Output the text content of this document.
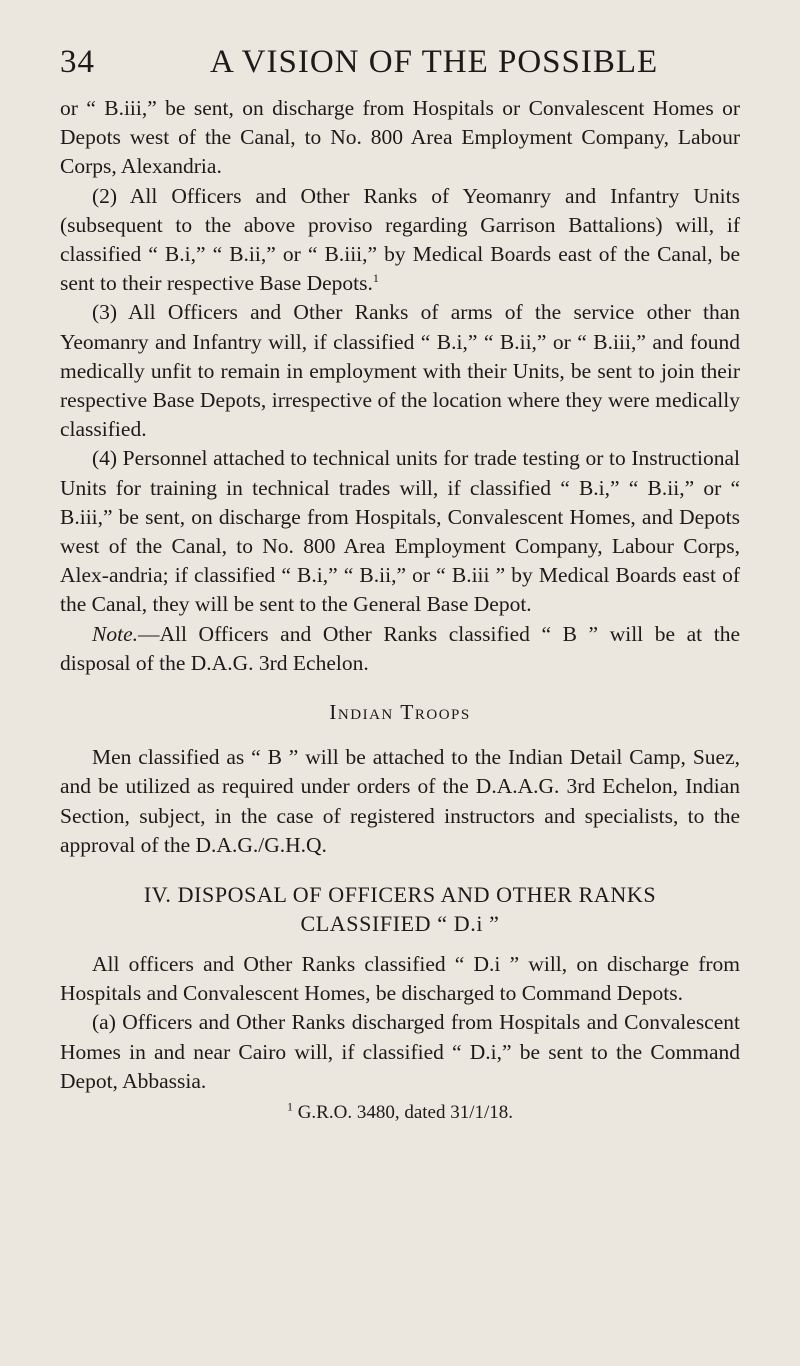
34	A VISION OF THE POSSIBLE

or “ B.iii,” be sent, on discharge from Hospitals or Convalescent Homes or Depots west of the Canal, to No. 800 Area Employment Company, Labour Corps, Alexandria.

(2) All Officers and Other Ranks of Yeomanry and Infantry Units (subsequent to the above proviso regarding Garrison Battalions) will, if classified “ B.i,” “ B.ii,” or “ B.iii,” by Medical Boards east of the Canal, be sent to their respective Base Depots.$^1$

(3) All Officers and Other Ranks of arms of the service other than Yeomanry and Infantry will, if classified “ B.i,” “ B.ii,” or “ B.iii,” and found medically unfit to remain in employment with their Units, be sent to join their respective Base Depots, irrespective of the location where they were medically classified.

(4) Personnel attached to technical units for trade testing or to Instructional Units for training in technical trades will, if classified “ B.i,” “ B.ii,” or “ B.iii,” be sent, on discharge from Hospitals, Convalescent Homes, and Depots west of the Canal, to No. 800 Area Employment Company, Labour Corps, Alex-andria; if classified “ B.i,” “ B.ii,” or “ B.iii ” by Medical Boards east of the Canal, they will be sent to the General Base Depot.

Note.—All Officers and Other Ranks classified “ B ” will be at the disposal of the D.A.G. 3rd Echelon.

Indian Troops

Men classified as “ B ” will be attached to the Indian Detail Camp, Suez, and be utilized as required under orders of the D.A.A.G. 3rd Echelon, Indian Section, subject, in the case of registered instructors and specialists, to the approval of the D.A.G./G.H.Q.

IV. DISPOSAL OF OFFICERS AND OTHER RANKS
CLASSIFIED “ D.i ”

All officers and Other Ranks classified “ D.i ” will, on discharge from Hospitals and Convalescent Homes, be discharged to Command Depots.

(a) Officers and Other Ranks discharged from Hospitals and Convalescent Homes in and near Cairo will, if classified “ D.i,” be sent to the Command Depot, Abbassia.

$^1$ G.R.O. 3480, dated 31/1/18.
